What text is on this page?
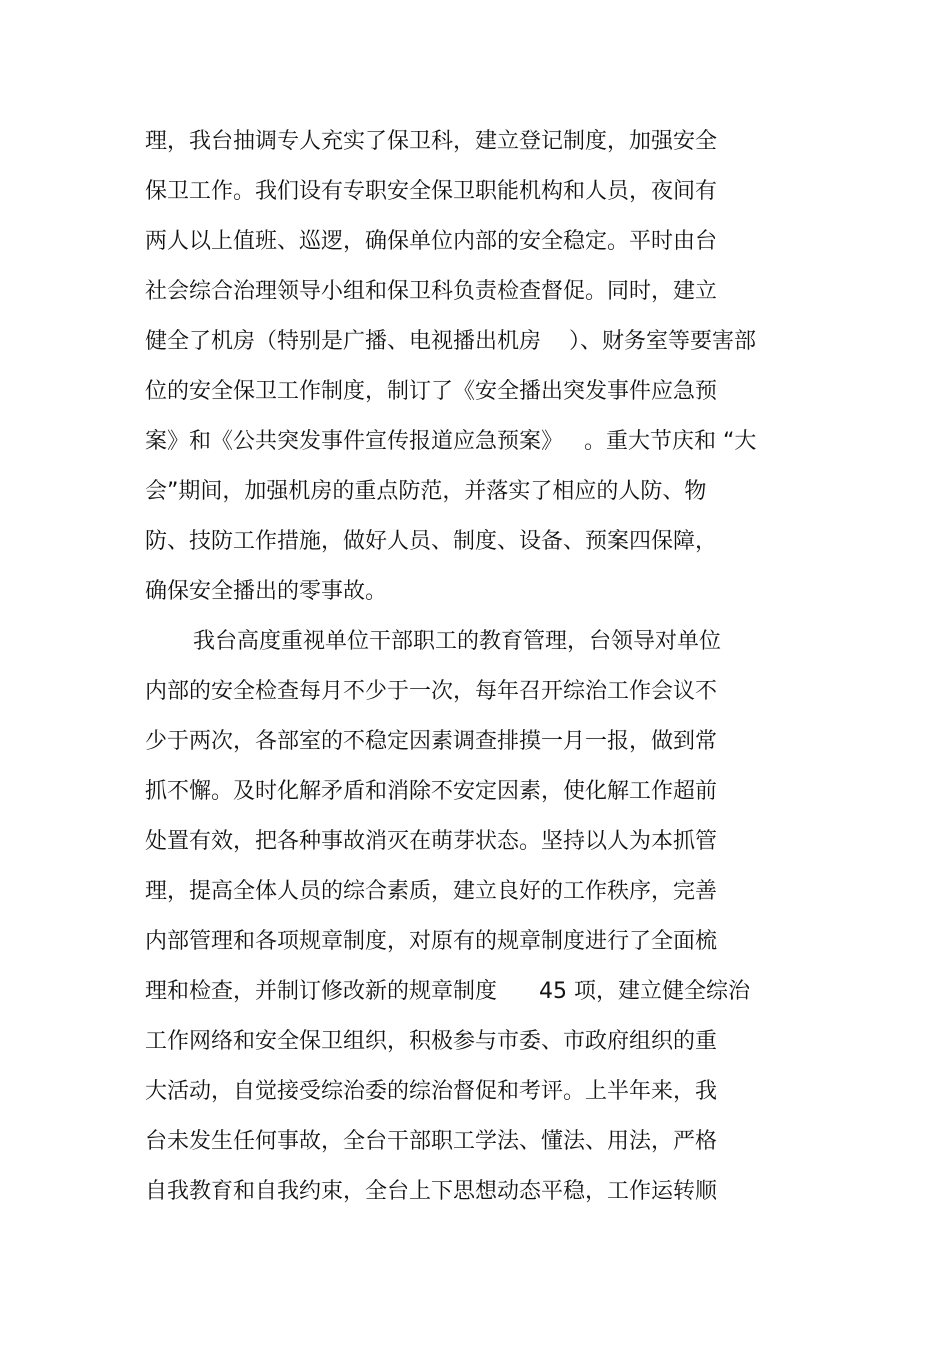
理，我台抽调专人充实了保卫科，建立登记制度，加强安全
保卫工作。我们设有专职安全保卫职能机构和人员，夜间有
两人以上值班、巡逻，确保单位内部的安全稳定。平时由台
社会综合治理领导小组和保卫科负责检查督促。同时，建立
健全了机房（特别是广播、电视播出机房    ）、财务室等要害部
位的安全保卫工作制度，制订了《安全播出突发事件应急预
案》和《公共突发事件宣传报道应急预案》   。重大节庆和 “大
会”期间，加强机房的重点防范，并落实了相应的人防、物
防、技防工作措施，做好人员、制度、设备、预案四保障，
确保安全播出的零事故。
我台高度重视单位干部职工的教育管理，台领导对单位
内部的安全检查每月不少于一次，每年召开综治工作会议不
少于两次，各部室的不稳定因素调查排摸一月一报，做到常
抓不懈。及时化解矛盾和消除不安定因素，使化解工作超前
处置有效，把各种事故消灭在萌芽状态。坚持以人为本抓管
理，提高全体人员的综合素质，建立良好的工作秩序，完善
内部管理和各项规章制度，对原有的规章制度进行了全面梳
理和检查，并制订修改新的规章制度      45 项，建立健全综治
工作网络和安全保卫组织，积极参与市委、市政府组织的重
大活动，自觉接受综治委的综治督促和考评。上半年来，我
台未发生任何事故，全台干部职工学法、懂法、用法，严格
自我教育和自我约束，全台上下思想动态平稳，工作运转顺
